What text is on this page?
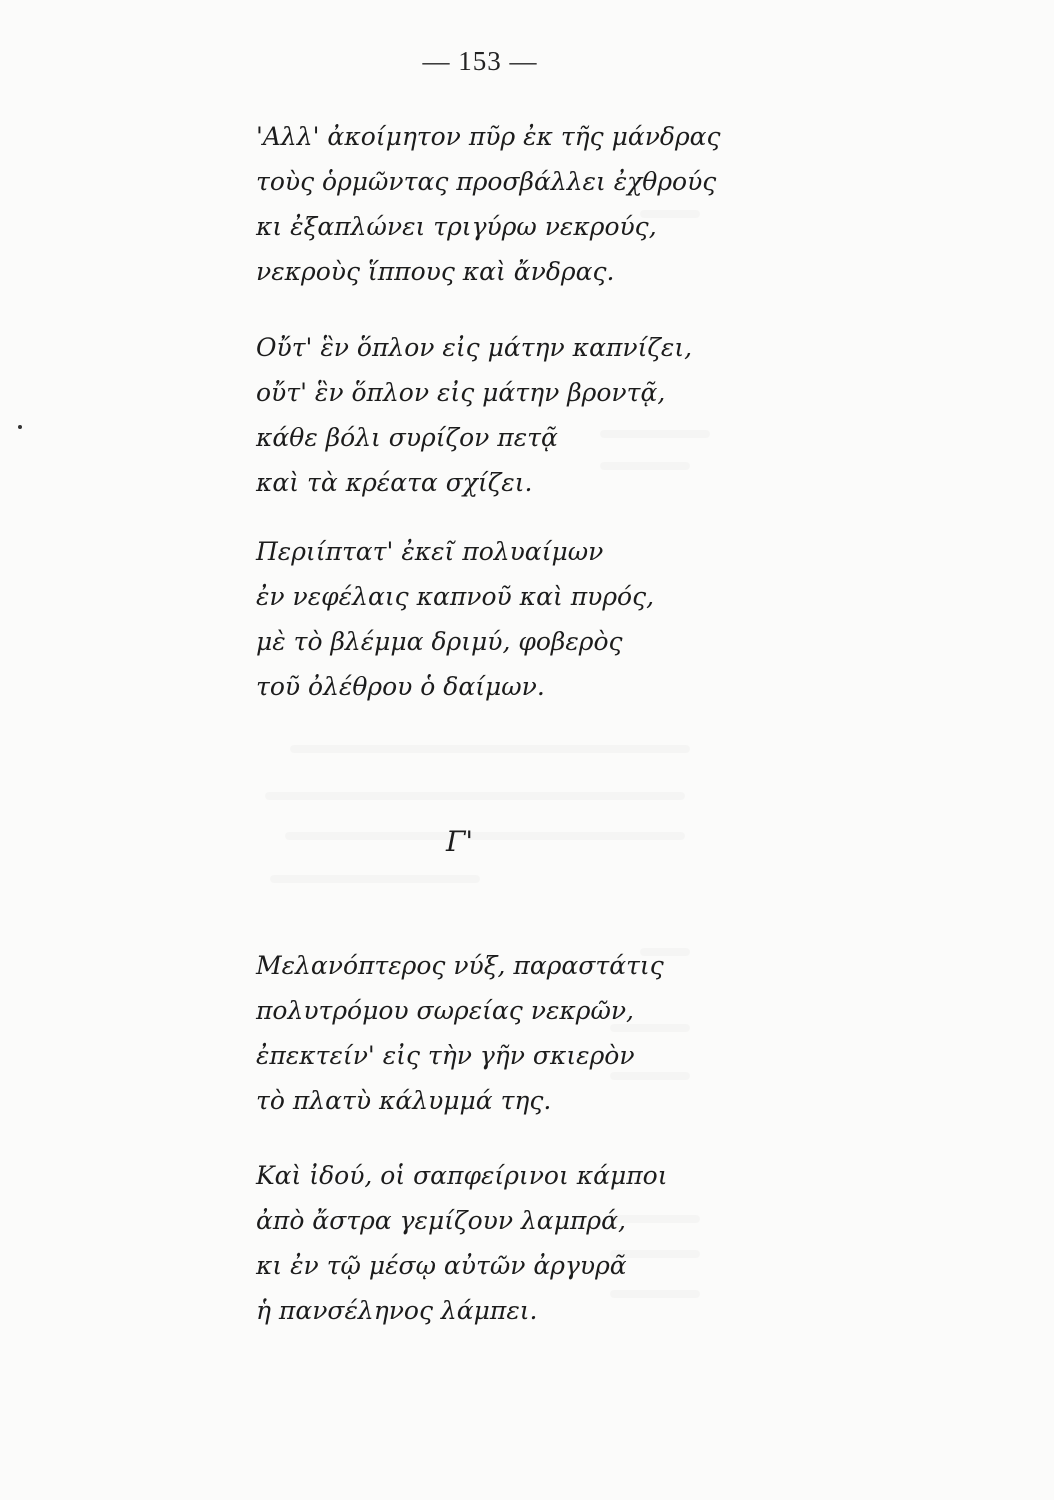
— 153 —
'Αλλ' ἀκοίμητον πῦρ ἐκ τῆς μάνδρας
τοὺς ὁρμῶντας προσβάλλει ἐχθρούς
κι ἐξαπλώνει τριγύρω νεκρούς,
νεκροὺς ἵππους καὶ ἄνδρας.
Οὔτ' ἓν ὅπλον εἰς μάτην καπνίζει,
οὔτ' ἓν ὅπλον εἰς μάτην βροντᾷ,
κάθε βόλι συρίζον πετᾷ
καὶ τὰ κρέατα σχίζει.
Περιίπτατ' ἐκεῖ πολυαίμων
ἐν νεφέλαις καπνοῦ καὶ πυρός,
μὲ τὸ βλέμμα δριμύ, φοβερὸς
τοῦ ὀλέθρου ὁ δαίμων.
Γ'
Μελανόπτερος νύξ, παραστάτις
πολυτρόμου σωρείας νεκρῶν,
ἐπεκτείν' εἰς τὴν γῆν σκιερὸν
τὸ πλατὺ κάλυμμά της.
Καὶ ἰδού, οἱ σαπφείρινοι κάμποι
ἀπὸ ἄστρα γεμίζουν λαμπρά,
κι ἐν τῷ μέσῳ αὐτῶν ἀργυρᾶ
ἡ πανσέληνος λάμπει.
